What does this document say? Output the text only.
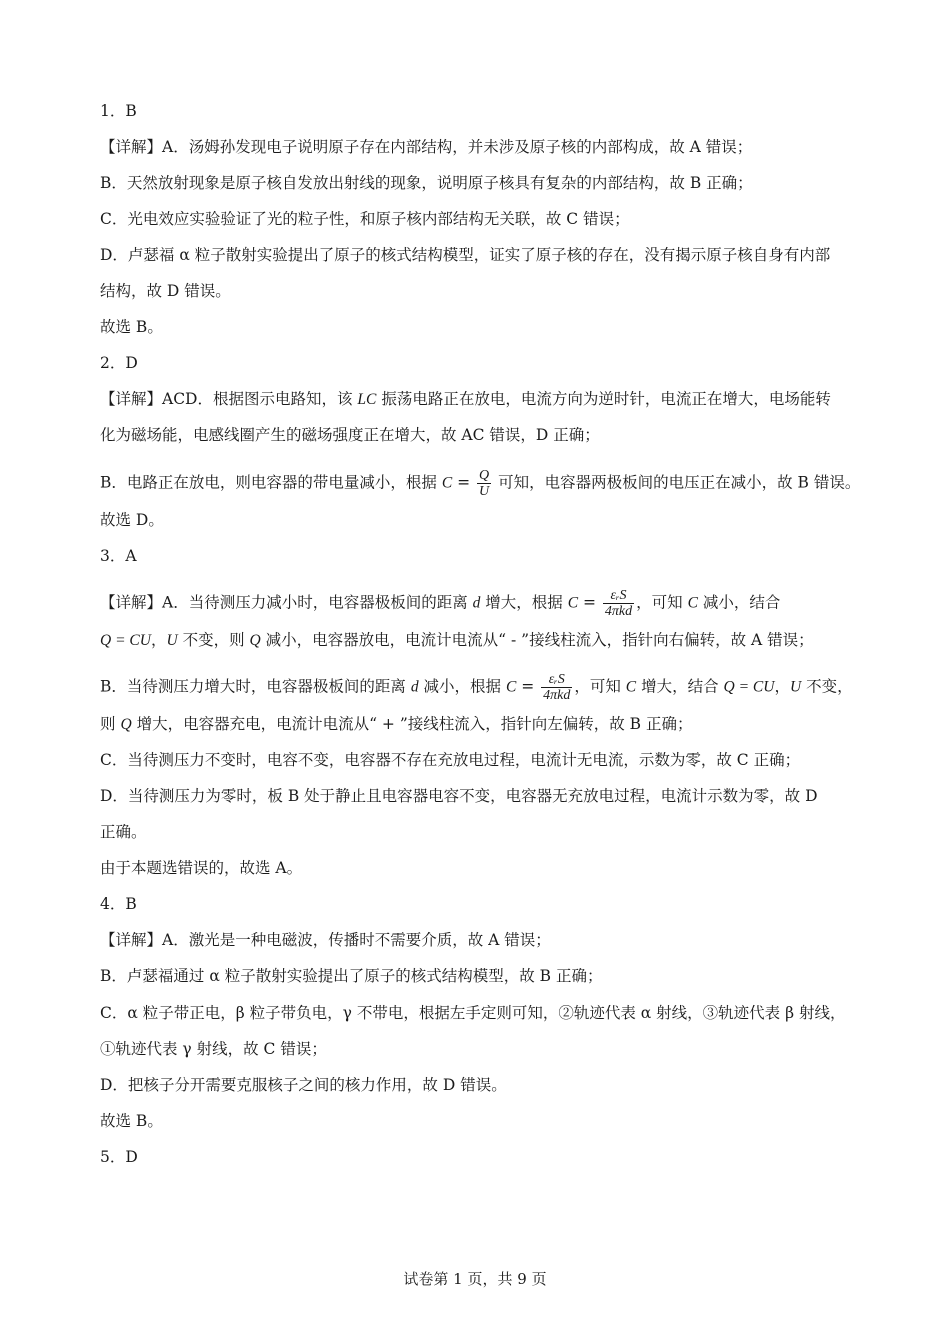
1．B
【详解】A．汤姆孙发现电子说明原子存在内部结构，并未涉及原子核的内部构成，故 A 错误；
B．天然放射现象是原子核自发放出射线的现象，说明原子核具有复杂的内部结构，故 B 正确；
C．光电效应实验验证了光的粒子性，和原子核内部结构无关联，故 C 错误；
D．卢瑟福 α 粒子散射实验提出了原子的核式结构模型，证实了原子核的存在，没有揭示原子核自身有内部
结构，故 D 错误。
故选 B。
2．D
【详解】ACD．根据图示电路知，该 LC 振荡电路正在放电，电流方向为逆时针，电流正在增大，电场能转
化为磁场能，电感线圈产生的磁场强度正在增大，故 AC 错误，D 正确；
B．电路正在放电，则电容器的带电量减小，根据 $C = \frac{Q}{U}$ 可知，电容器两极板间的电压正在减小，故 B 错误。
故选 D。
3．A
【详解】A．当待测压力减小时，电容器极板间的距离 d 增大，根据 $C = \frac{\text{εᵣS}}{\text{4πkd}}$ ，可知 C 减小，结合
Q = CU，U 不变，则 Q 减小，电容器放电，电流计电流从“ - ”接线柱流入，指针向右偏转，故 A 错误；
B．当待测压力增大时，电容器极板间的距离 d 减小，根据 $C = \frac{\text{εᵣS}}{\text{4πkd}}$ ，可知 C 增大，结合 Q = CU，U 不变，
则 Q 增大，电容器充电，电流计电流从“ + ”接线柱流入，指针向左偏转，故 B 正确；
C．当待测压力不变时，电容不变，电容器不存在充放电过程，电流计无电流，示数为零，故 C 正确；
D．当待测压力为零时，板 B 处于静止且电容器电容不变，电容器无充放电过程，电流计示数为零，故 D
正确。
由于本题选错误的，故选 A。
4．B
【详解】A．激光是一种电磁波，传播时不需要介质，故 A 错误；
B．卢瑟福通过 α 粒子散射实验提出了原子的核式结构模型，故 B 正确；
C．α 粒子带正电，β 粒子带负电，γ 不带电，根据左手定则可知，②轨迹代表 α 射线，③轨迹代表 β 射线，
①轨迹代表 γ 射线，故 C 错误；
D．把核子分开需要克服核子之间的核力作用，故 D 错误。
故选 B。
5．D
试卷第 1 页，共 9 页
